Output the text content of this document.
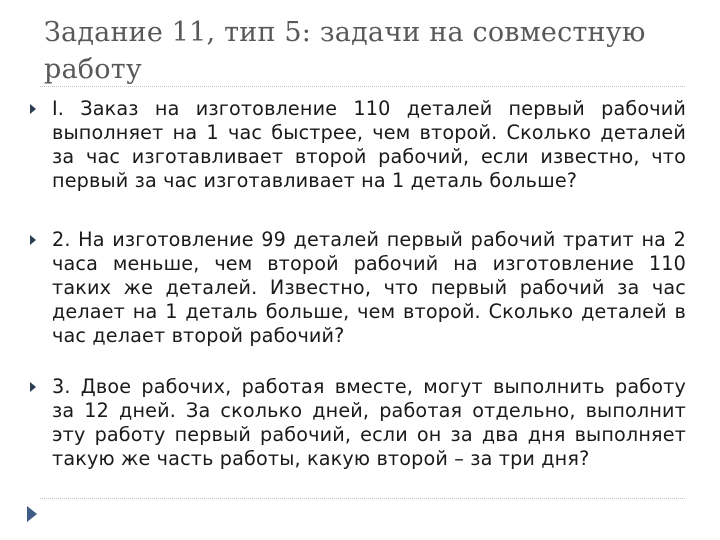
Задание 11, тип 5: задачи на совместную работу
I. Заказ на изготовление 110 деталей первый рабочий выполняет на 1 час быстрее, чем второй. Сколько деталей за час изготавливает второй рабочий, если известно, что первый за час изготавливает на 1 деталь больше?
2. На изготовление 99 деталей первый рабочий тратит на 2 часа меньше, чем второй рабочий на изготовление 110 таких же деталей. Известно, что первый рабочий за час делает на 1 деталь больше, чем второй. Сколько деталей в час делает второй рабочий?
3. Двое рабочих, работая вместе, могут выполнить работу за 12 дней. За сколько дней, работая отдельно, выполнит эту работу первый рабочий, если он за два дня выполняет такую же часть работы, какую второй – за три дня?
